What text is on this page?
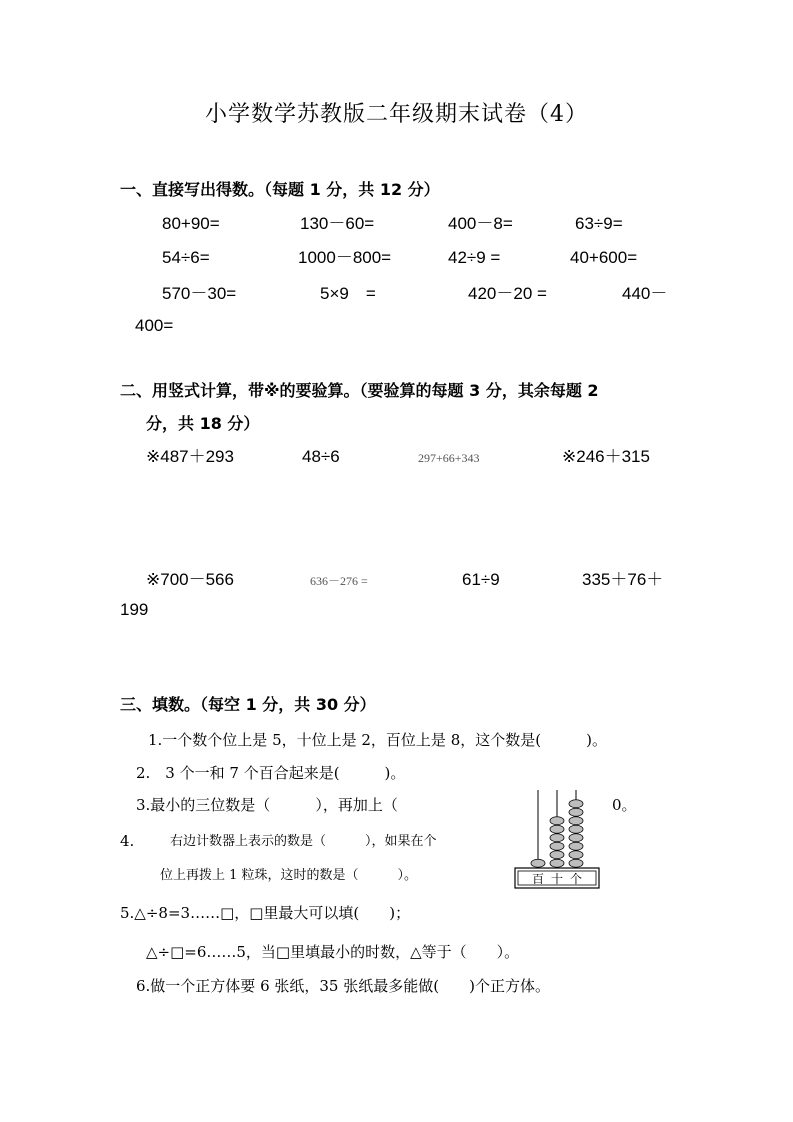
小学数学苏教版二年级期末试卷（4）
一、直接写出得数。（每题 1 分，共 12 分）
80+90=	130－60=	400－8=	63÷9=
54÷6=	1000－800=	42÷9 =	40+600=
570－30=	5×9　=	420－20 =	440－
400=
二、用竖式计算，带※的要验算。（要验算的每题 3 分，其余每题 2
分，共 18 分）
※487＋293	48÷6	297+66+343	※246＋315
※700－566	636－276 =	61÷9	335＋76＋
199
三、填数。（每空 1 分，共 30 分）
1.一个数个位上是 5，十位上是 2，百位上是 8，这个数是(　　　)。
2.　3 个一和 7 个百合起来是(　　　)。
3.最小的三位数是（　　　），再加上（	0。
4.	右边计数器上表示的数是（　　　），如果在个
位上再拨上 1 粒珠，这时的数是（　　　）。
5.△÷8=3……□，□里最大可以填(　　)；
△÷□=6……5，当□里填最小的时数，△等于（　　）。
6.做一个正方体要 6 张纸，35 张纸最多能做(　　)个正方体。
百 十 个
